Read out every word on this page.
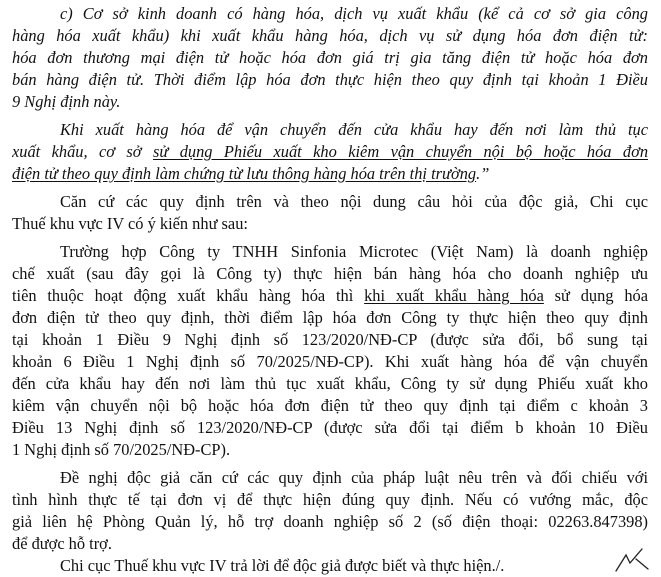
c) Cơ sở kinh doanh có hàng hóa, dịch vụ xuất khẩu (kể cả cơ sở gia công
hàng hóa xuất khẩu) khi xuất khẩu hàng hóa, dịch vụ sử dụng hóa đơn điện tử:
hóa đơn thương mại điện tử hoặc hóa đơn giá trị gia tăng điện tử hoặc hóa đơn
bán hàng điện tử. Thời điểm lập hóa đơn thực hiện theo quy định tại khoản 1 Điều
9 Nghị định này.
Khi xuất hàng hóa để vận chuyển đến cửa khẩu hay đến nơi làm thủ tục
xuất khẩu, cơ sở sử dụng Phiếu xuất kho kiêm vận chuyển nội bộ hoặc hóa đơn
điện tử theo quy định làm chứng từ lưu thông hàng hóa trên thị trường.”
Căn cứ các quy định trên và theo nội dung câu hỏi của độc giả, Chi cục
Thuế khu vực IV có ý kiến như sau:
Trường hợp Công ty TNHH Sinfonia Microtec (Việt Nam) là doanh nghiệp
chế xuất (sau đây gọi là Công ty) thực hiện bán hàng hóa cho doanh nghiệp ưu
tiên thuộc hoạt động xuất khẩu hàng hóa thì khi xuất khẩu hàng hóa sử dụng hóa
đơn điện tử theo quy định, thời điểm lập hóa đơn Công ty thực hiện theo quy định
tại khoản 1 Điều 9 Nghị định số 123/2020/NĐ-CP (được sửa đổi, bổ sung tại
khoản 6 Điều 1 Nghị định số 70/2025/NĐ-CP). Khi xuất hàng hóa để vận chuyển
đến cửa khẩu hay đến nơi làm thủ tục xuất khẩu, Công ty sử dụng Phiếu xuất kho
kiêm vận chuyển nội bộ hoặc hóa đơn điện tử theo quy định tại điểm c khoản 3
Điều 13 Nghị định số 123/2020/NĐ-CP (được sửa đổi tại điểm b khoản 10 Điều
1 Nghị định số 70/2025/NĐ-CP).
Đề nghị độc giả căn cứ các quy định của pháp luật nêu trên và đối chiếu với
tình hình thực tế tại đơn vị để thực hiện đúng quy định. Nếu có vướng mắc, độc
giả liên hệ Phòng Quản lý, hỗ trợ doanh nghiệp số 2 (số điện thoại: 02263.847398)
để được hỗ trợ.
Chi cục Thuế khu vực IV trả lời để độc giả được biết và thực hiện./.
